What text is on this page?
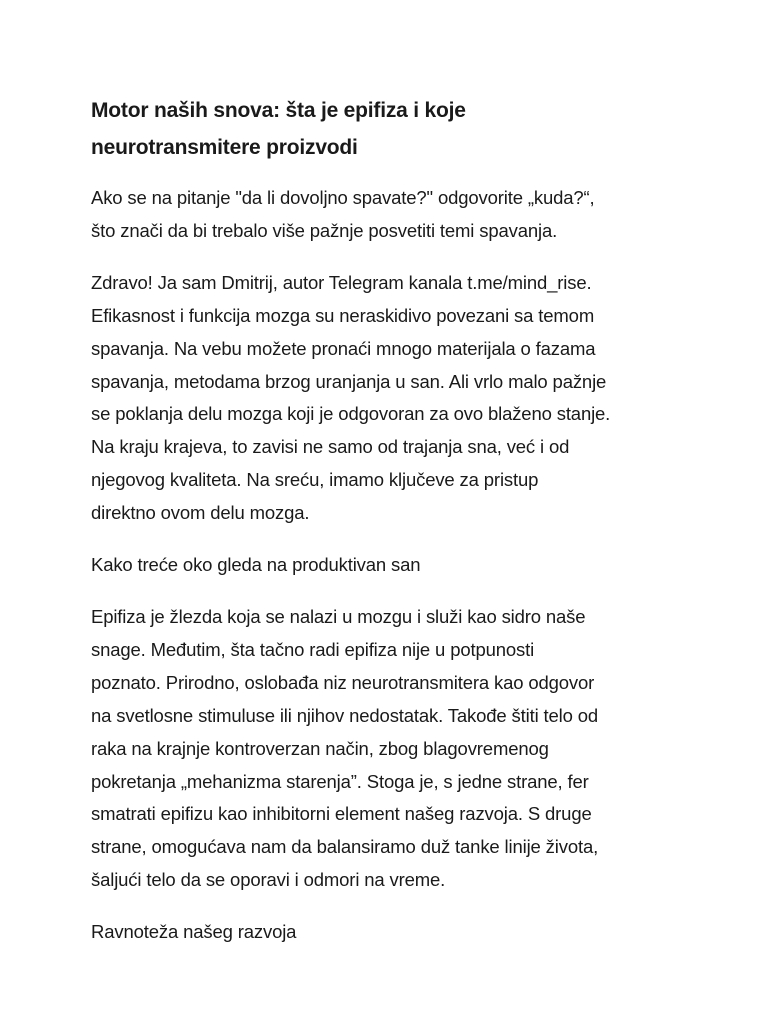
Motor naših snova: šta je epifiza i koje
neurotransmitere proizvodi

Ako se na pitanje "da li dovoljno spavate?" odgovorite „kuda?“,
što znači da bi trebalo više pažnje posvetiti temi spavanja.

Zdravo! Ja sam Dmitrij, autor Telegram kanala t.me/mind_rise.
Efikasnost i funkcija mozga su neraskidivo povezani sa temom
spavanja. Na vebu možete pronaći mnogo materijala o fazama
spavanja, metodama brzog uranjanja u san. Ali vrlo malo pažnje
se poklanja delu mozga koji je odgovoran za ovo blaženo stanje.
Na kraju krajeva, to zavisi ne samo od trajanja sna, već i od
njegovog kvaliteta. Na sreću, imamo ključeve za pristup
direktno ovom delu mozga.

Kako treće oko gleda na produktivan san

Epifiza je žlezda koja se nalazi u mozgu i služi kao sidro naše
snage. Međutim, šta tačno radi epifiza nije u potpunosti
poznato. Prirodno, oslobađa niz neurotransmitera kao odgovor
na svetlosne stimuluse ili njihov nedostatak. Takođe štiti telo od
raka na krajnje kontroverzan način, zbog blagovremenog
pokretanja „mehanizma starenja”. Stoga je, s jedne strane, fer
smatrati epifizu kao inhibitorni element našeg razvoja. S druge
strane, omogućava nam da balansiramo duž tanke linije života,
šaljući telo da se oporavi i odmori na vreme.

Ravnoteža našeg razvoja
